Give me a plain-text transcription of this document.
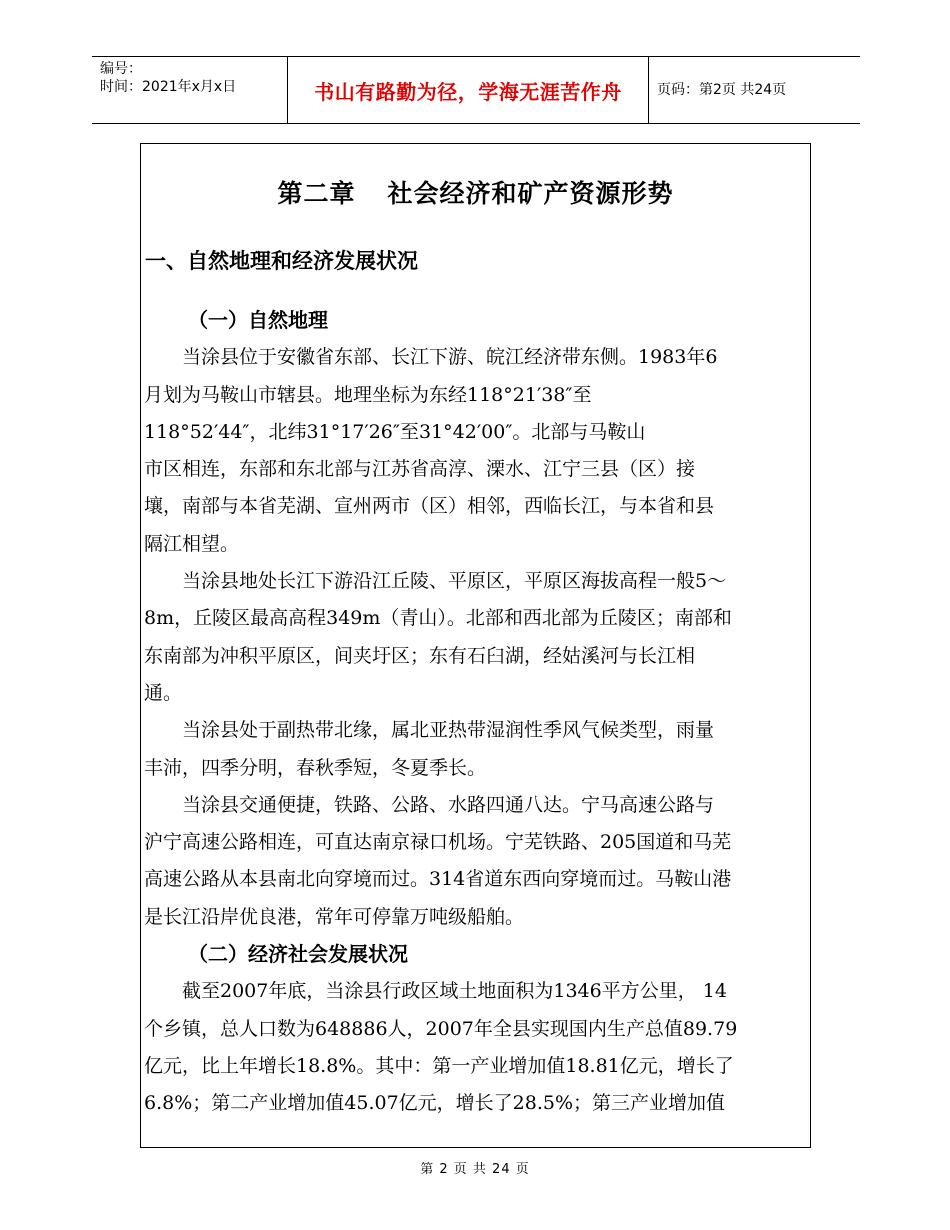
编号：
时间：2021年x月x日	书山有路勤为径，学海无涯苦作舟	页码：第2页 共24页
第二章 社会经济和矿产资源形势
一、自然地理和经济发展状况
（一）自然地理
　　当涂县位于安徽省东部、长江下游、皖江经济带东侧。1983年6
月划为马鞍山市辖县。地理坐标为东经118°21′38″至
118°52′44″，北纬31°17′26″至31°42′00″。北部与马鞍山
市区相连，东部和东北部与江苏省高淳、溧水、江宁三县（区）接
壤，南部与本省芜湖、宣州两市（区）相邻，西临长江，与本省和县
隔江相望。
　　当涂县地处长江下游沿江丘陵、平原区，平原区海拔高程一般5～
8m，丘陵区最高高程349m（青山）。北部和西北部为丘陵区；南部和
东南部为冲积平原区，间夹圩区；东有石臼湖，经姑溪河与长江相
通。
　　当涂县处于副热带北缘，属北亚热带湿润性季风气候类型，雨量
丰沛，四季分明，春秋季短，冬夏季长。
　　当涂县交通便捷，铁路、公路、水路四通八达。宁马高速公路与
沪宁高速公路相连，可直达南京禄口机场。宁芜铁路、205国道和马芜
高速公路从本县南北向穿境而过。314省道东西向穿境而过。马鞍山港
是长江沿岸优良港，常年可停靠万吨级船舶。
（二）经济社会发展状况
　　截至2007年底，当涂县行政区域土地面积为1346平方公里， 14
个乡镇，总人口数为648886人，2007年全县实现国内生产总值89.79
亿元，比上年增长18.8%。其中：第一产业增加值18.81亿元，增长了
6.8%；第二产业增加值45.07亿元，增长了28.5%；第三产业增加值
第 2 页 共 24 页
